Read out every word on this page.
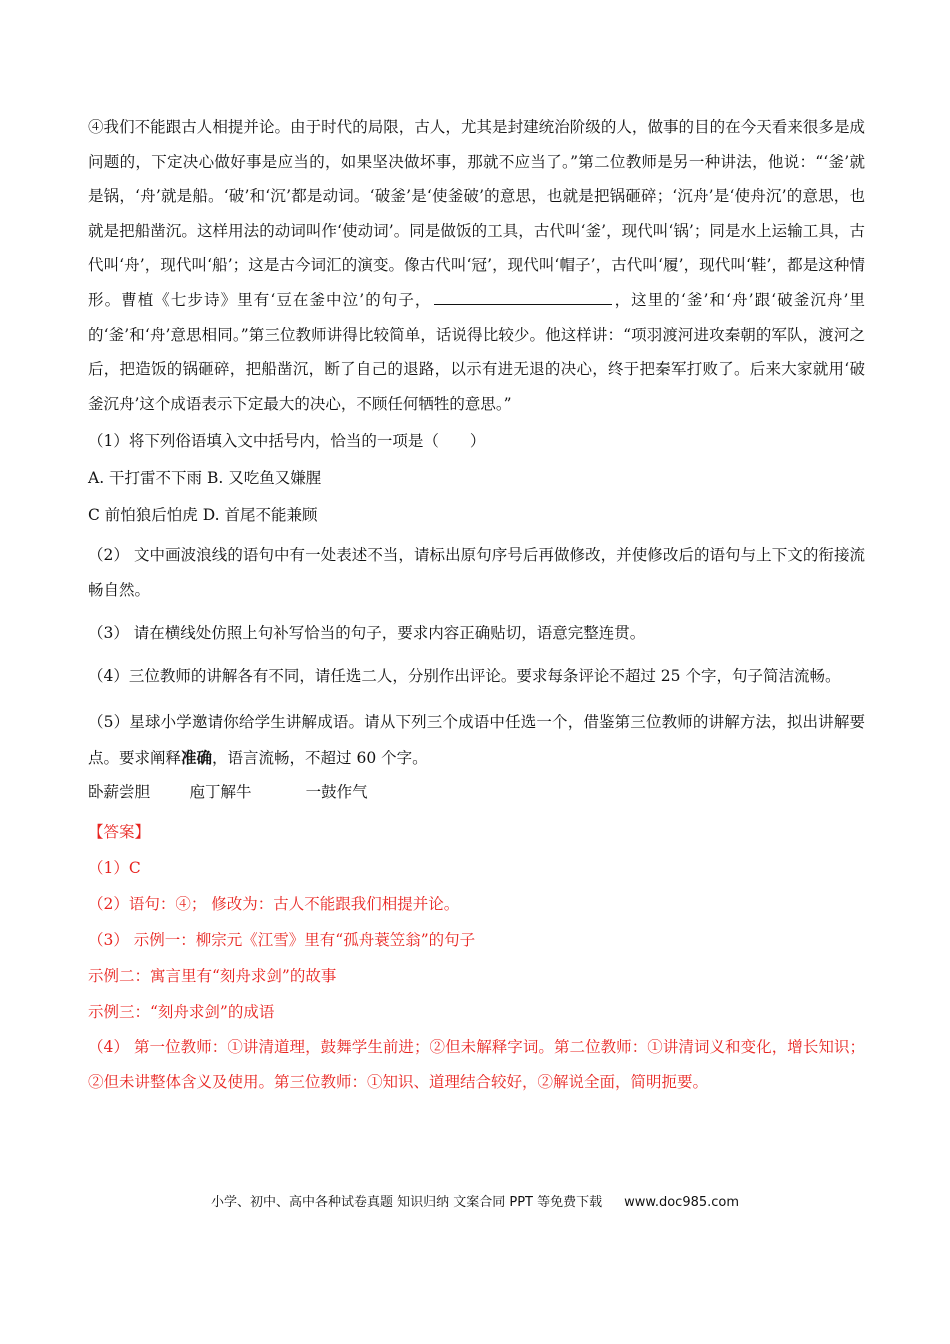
④我们不能跟古人相提并论。由于时代的局限，古人，尤其是封建统治阶级的人，做事的目的在今天看来很多是成问题的，下定决心做好事是应当的，如果坚决做坏事，那就不应当了。”第二位教师是另一种讲法，他说：“‘釜’就是锅，‘舟’就是船。‘破’和‘沉’都是动词。‘破釜’是‘使釜破’的意思，也就是把锅砸碎；‘沉舟’是‘使舟沉’的意思，也就是把船凿沉。这样用法的动词叫作‘使动词’。同是做饭的工具，古代叫‘釜’，现代叫‘锅’；同是水上运输工具，古代叫‘舟’，现代叫‘船’；这是古今词汇的演变。像古代叫‘冠’，现代叫‘帽子’，古代叫‘履’，现代叫‘鞋’，都是这种情形。曹植《七步诗》里有‘豆在釜中泣’的句子，	，这里的‘釜’和‘舟’跟‘破釜沉舟’里的‘釜’和‘舟’意思相同。”第三位教师讲得比较简单，话说得比较少。他这样讲：“项羽渡河进攻秦朝的军队，渡河之后，把造饭的锅砸碎，把船凿沉，断了自己的退路，以示有进无退的决心，终于把秦军打败了。后来大家就用‘破釜沉舟’这个成语表示下定最大的决心，不顾任何牺牲的意思。”

（1）将下列俗语填入文中括号内，恰当的一项是（　　）

A. 干打雷不下雨 B. 又吃鱼又嫌腥

C 前怕狼后怕虎 D. 首尾不能兼顾

（2） 文中画波浪线的语句中有一处表述不当，请标出原句序号后再做修改，并使修改后的语句与上下文的衔接流畅自然。

（3） 请在横线处仿照上句补写恰当的句子，要求内容正确贴切，语意完整连贯。

（4）三位教师的讲解各有不同，请任选二人，分别作出评论。要求每条评论不超过 25 个字，句子简洁流畅。

（5）星球小学邀请你给学生讲解成语。请从下列三个成语中任选一个，借鉴第三位教师的讲解方法，拟出讲解要点。要求阐释准确，语言流畅，不超过 60 个字。

卧薪尝胆	庖丁解牛	一鼓作气

【答案】

（1）C

（2）语句：④； 修改为：古人不能跟我们相提并论。

（3） 示例一：柳宗元《江雪》里有“孤舟蓑笠翁”的句子

示例二：寓言里有“刻舟求剑”的故事

示例三：“刻舟求剑”的成语

（4） 第一位教师：①讲清道理，鼓舞学生前进；②但未解释字词。第二位教师：①讲清词义和变化，增长知识；②但未讲整体含义及使用。第三位教师：①知识、道理结合较好，②解说全面，简明扼要。

小学、初中、高中各种试卷真题 知识归纳 文案合同 PPT 等免费下载 www.doc985.com
